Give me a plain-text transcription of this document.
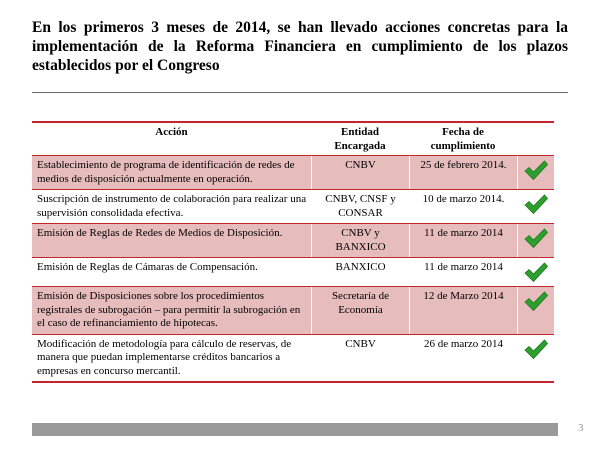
En los primeros 3 meses de 2014, se han llevado acciones concretas para la implementación de la Reforma Financiera en cumplimiento de los plazos establecidos por el Congreso
Acción	Entidad Encargada	Fecha de cumplimiento	
Establecimiento de programa de identificación de redes de medios de disposición actualmente en operación.	CNBV	25 de febrero 2014.	

Suscripción de instrumento de colaboración para realizar una supervisión consolidada efectiva.	CNBV, CNSF y CONSAR	10 de marzo 2014.	

Emisión de Reglas de Redes de Medios de Disposición.	CNBV y BANXICO	11 de marzo 2014	

Emisión de Reglas de Cámaras de Compensación.	BANXICO	11 de marzo 2014	

Emisión de Disposiciones sobre los procedimientos registrales de subrogación – para permitir la subrogación en el caso de refinanciamiento de hipotecas.	Secretaría de Economía	12 de Marzo 2014	

Modificación de metodología para cálculo de reservas, de manera que puedan implementarse créditos bancarios a empresas en concurso mercantil.	CNBV	26 de marzo 2014	
3
